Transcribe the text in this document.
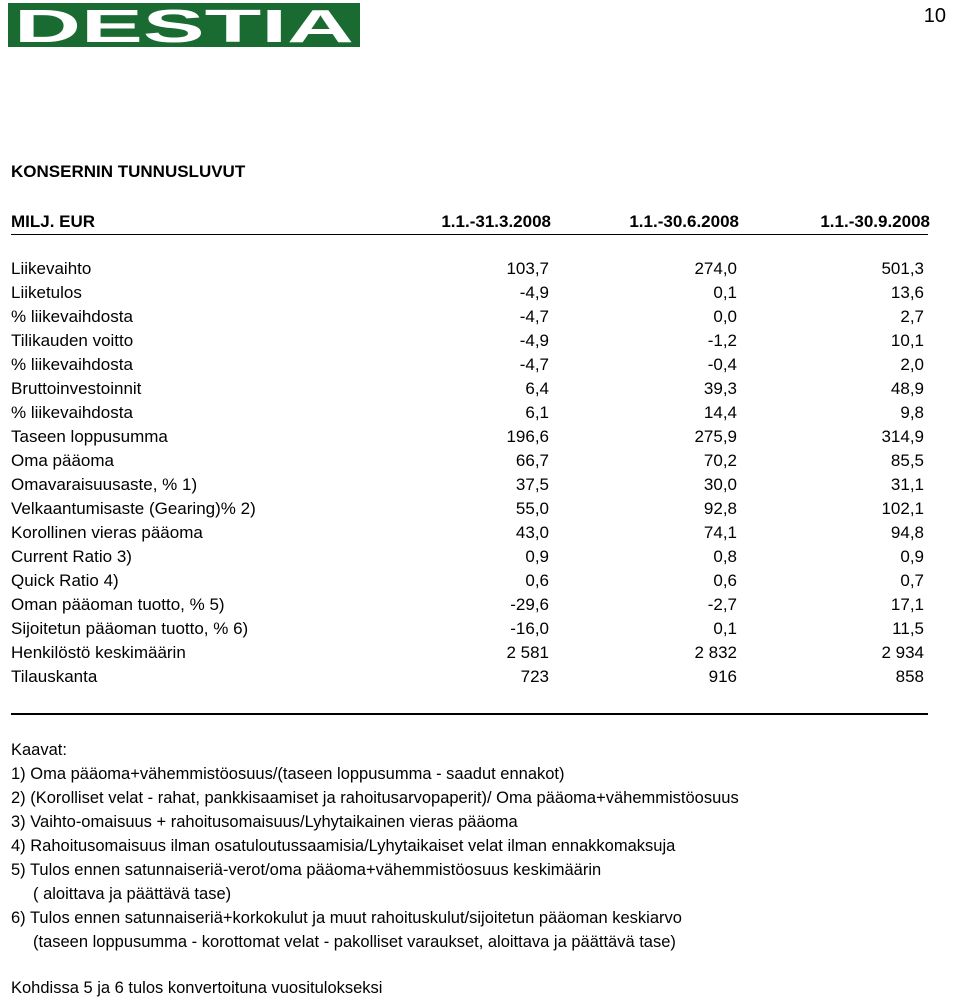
DESTIA	10
KONSERNIN TUNNUSLUVUT
MILJ. EUR	1.1.-31.3.2008	1.1.-30.6.2008	1.1.-30.9.2008
Liikevaihto	103,7	274,0	501,3
Liiketulos	-4,9	0,1	13,6
% liikevaihdosta	-4,7	0,0	2,7
Tilikauden voitto	-4,9	-1,2	10,1
% liikevaihdosta	-4,7	-0,4	2,0
Bruttoinvestoinnit	6,4	39,3	48,9
% liikevaihdosta	6,1	14,4	9,8
Taseen loppusumma	196,6	275,9	314,9
Oma pääoma	66,7	70,2	85,5
Omavaraisuusaste, % 1)	37,5	30,0	31,1
Velkaantumisaste (Gearing)% 2)	55,0	92,8	102,1
Korollinen vieras pääoma	43,0	74,1	94,8
Current Ratio 3)	0,9	0,8	0,9
Quick Ratio 4)	0,6	0,6	0,7
Oman pääoman tuotto, % 5)	-29,6	-2,7	17,1
Sijoitetun pääoman tuotto, % 6)	-16,0	0,1	11,5
Henkilöstö keskimäärin	2 581	2 832	2 934
Tilauskanta	723	916	858
Kaavat:
1) Oma pääoma+vähemmistöosuus/(taseen loppusumma - saadut ennakot)
2) (Korolliset velat - rahat, pankkisaamiset ja rahoitusarvopaperit)/ Oma pääoma+vähemmistöosuus
3) Vaihto-omaisuus + rahoitusomaisuus/Lyhytaikainen vieras pääoma
4) Rahoitusomaisuus ilman osatuloutussaamisia/Lyhytaikaiset velat ilman ennakkomaksuja
5) Tulos ennen satunnaiseriä-verot/oma pääoma+vähemmistöosuus keskimäärin
( aloittava ja päättävä tase)
6) Tulos ennen satunnaiseriä+korkokulut ja muut rahoituskulut/sijoitetun pääoman keskiarvo
(taseen loppusumma - korottomat velat - pakolliset varaukset, aloittava ja päättävä tase)
Kohdissa 5 ja 6 tulos konvertoituna vuositulokseksi
